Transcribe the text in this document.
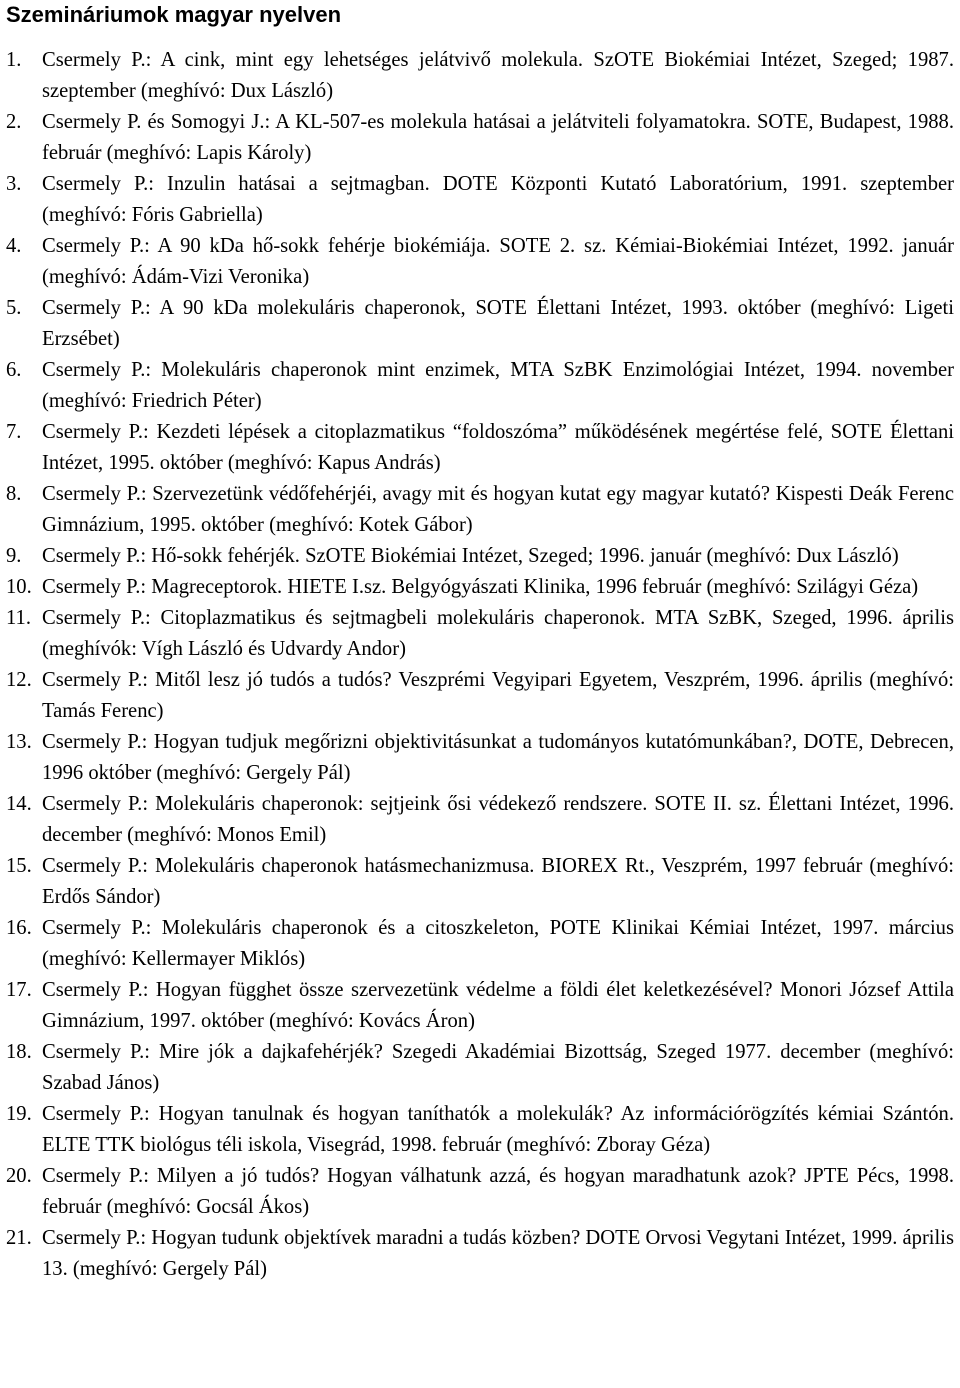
Szemináriumok magyar nyelven
1. Csermely P.: A cink, mint egy lehetséges jelátvivő molekula. SzOTE Biokémiai Intézet, Szeged; 1987. szeptember (meghívó: Dux László)
2. Csermely P. és Somogyi J.: A KL-507-es molekula hatásai a jelátviteli folyamatokra. SOTE, Budapest, 1988. február (meghívó: Lapis Károly)
3. Csermely P.: Inzulin hatásai a sejtmagban. DOTE Központi Kutató Laboratórium, 1991. szeptember (meghívó: Fóris Gabriella)
4. Csermely P.: A 90 kDa hő-sokk fehérje biokémiája. SOTE 2. sz. Kémiai-Biokémiai Intézet, 1992. január (meghívó: Ádám-Vizi Veronika)
5. Csermely P.: A 90 kDa molekuláris chaperonok, SOTE Élettani Intézet, 1993. október (meghívó: Ligeti Erzsébet)
6. Csermely P.: Molekuláris chaperonok mint enzimek, MTA SzBK Enzimológiai Intézet, 1994. november (meghívó: Friedrich Péter)
7. Csermely P.: Kezdeti lépések a citoplazmatikus “foldoszóma” működésének megértése felé, SOTE Élettani Intézet, 1995. október (meghívó: Kapus András)
8. Csermely P.: Szervezetünk védőfehérjéi, avagy mit és hogyan kutat egy magyar kutató? Kispesti Deák Ferenc Gimnázium, 1995. október (meghívó: Kotek Gábor)
9. Csermely P.: Hő-sokk fehérjék. SzOTE Biokémiai Intézet, Szeged; 1996. január (meghívó: Dux László)
10. Csermely P.: Magreceptorok. HIETE I.sz. Belgyógyászati Klinika, 1996 február (meghívó: Szilágyi Géza)
11. Csermely P.: Citoplazmatikus és sejtmagbeli molekuláris chaperonok. MTA SzBK, Szeged, 1996. április (meghívók: Vígh László és Udvardy Andor)
12. Csermely P.: Mitől lesz jó tudós a tudós? Veszprémi Vegyipari Egyetem, Veszprém, 1996. április (meghívó: Tamás Ferenc)
13. Csermely P.: Hogyan tudjuk megőrizni objektivitásunkat a tudományos kutatómunkában?, DOTE, Debrecen, 1996 október (meghívó: Gergely Pál)
14. Csermely P.: Molekuláris chaperonok: sejtjeink ősi védekező rendszere. SOTE II. sz. Élettani Intézet, 1996. december (meghívó: Monos Emil)
15. Csermely P.: Molekuláris chaperonok hatásmechanizmusa. BIOREX Rt., Veszprém, 1997 február (meghívó: Erdős Sándor)
16. Csermely P.: Molekuláris chaperonok és a citoszkeleton, POTE Klinikai Kémiai Intézet, 1997. március (meghívó: Kellermayer Miklós)
17. Csermely P.: Hogyan függhet össze szervezetünk védelme a földi élet keletkezésével? Monori József Attila Gimnázium, 1997. október (meghívó: Kovács Áron)
18. Csermely P.: Mire jók a dajkafehérjék? Szegedi Akadémiai Bizottság, Szeged 1977. december (meghívó: Szabad János)
19. Csermely P.: Hogyan tanulnak és hogyan taníthatók a molekulák? Az információrögzítés kémiai Szántón. ELTE TTK biológus téli iskola, Visegrád, 1998. február (meghívó: Zboray Géza)
20. Csermely P.: Milyen a jó tudós? Hogyan válhatunk azzá, és hogyan maradhatunk azok? JPTE Pécs, 1998. február (meghívó: Gocsál Ákos)
21. Csermely P.: Hogyan tudunk objektívek maradni a tudás közben? DOTE Orvosi Vegytani Intézet, 1999. április 13. (meghívó: Gergely Pál)
